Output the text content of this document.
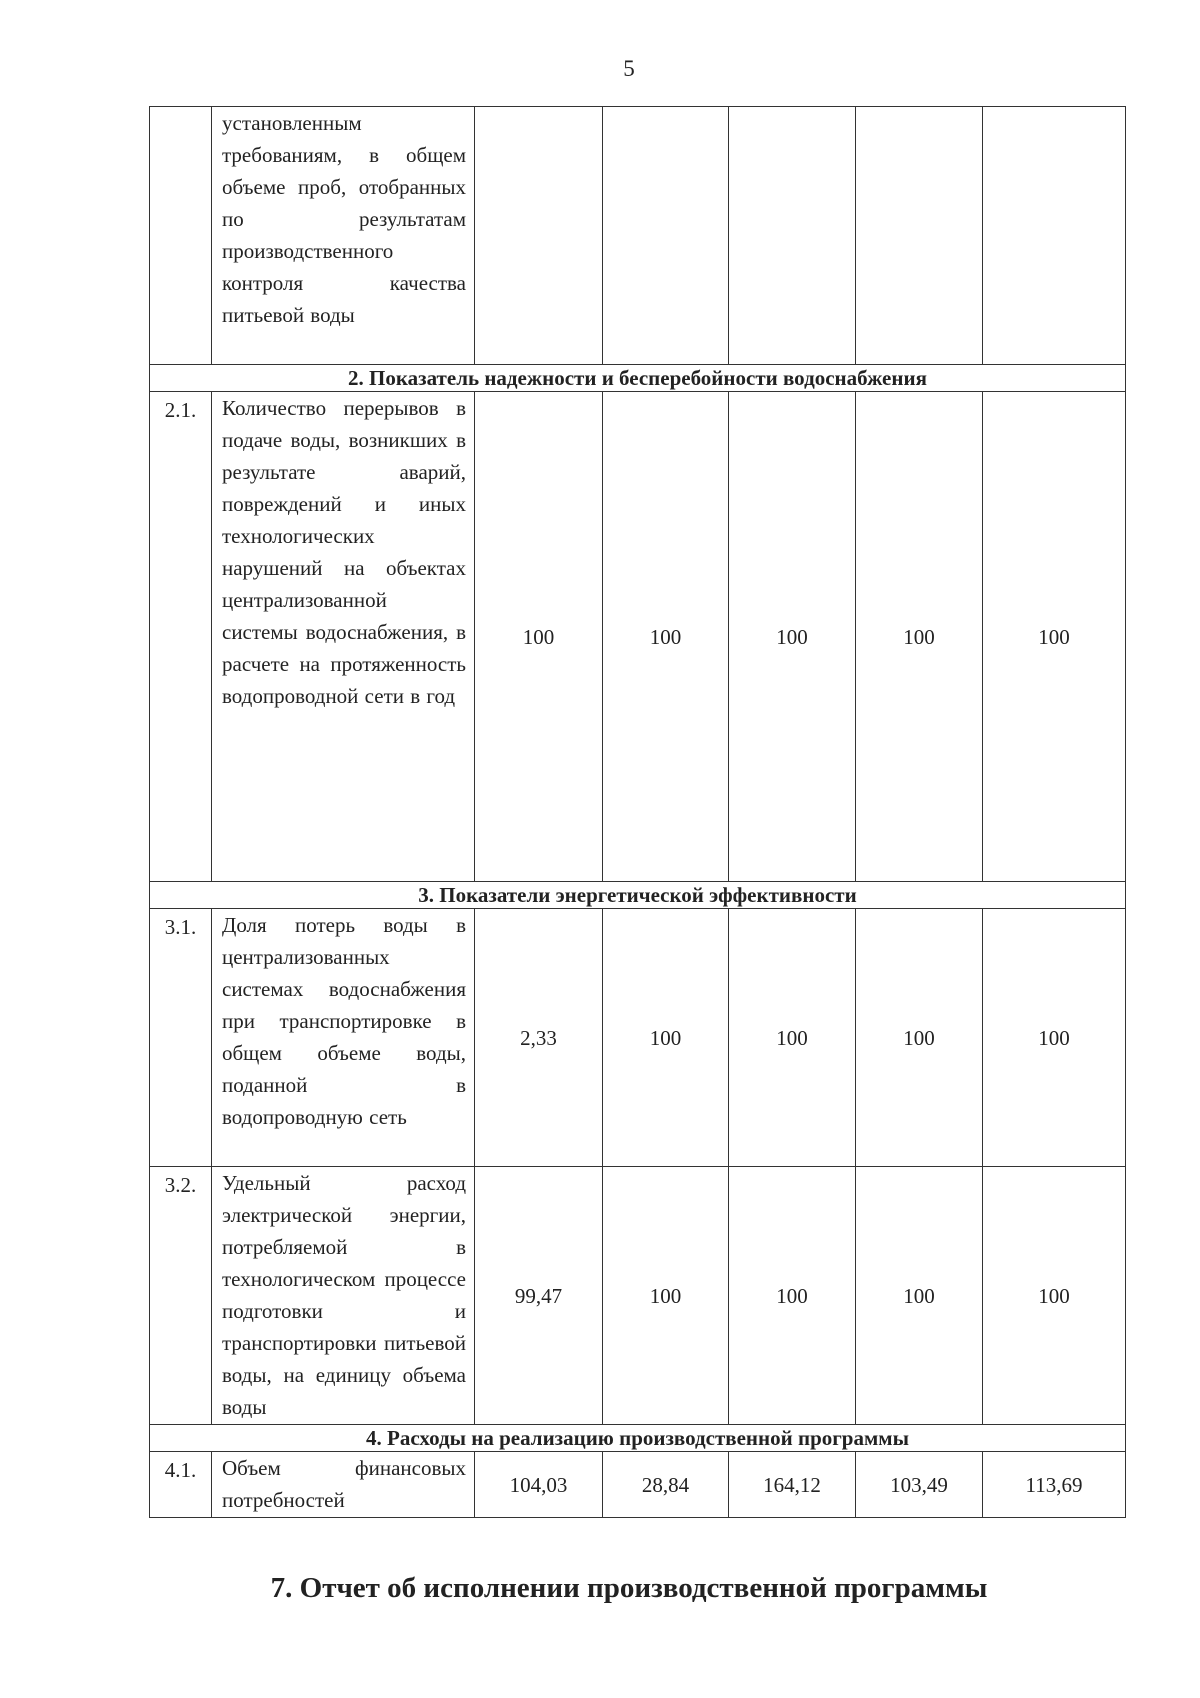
5
	установленным требованиям, в общем объеме проб, отобранных по результатам производственного контроля качества питьевой воды					
2. Показатель надежности и бесперебойности водоснабжения						
2.1.	Количество перерывов в подаче воды, возникших в результате аварий, повреждений и иных технологических нарушений на объектах централизованной системы водоснабжения, в расчете на протяженность водопроводной сети в год	100	100	100	100	100
3. Показатели энергетической эффективности						
3.1.	Доля потерь воды в централизованных системах водоснабжения при транспортировке в общем объеме воды, поданной в водопроводную сеть	2,33	100	100	100	100
3.2.	Удельный расход электрической энергии, потребляемой в технологическом процессе подготовки и транспортировки питьевой воды, на единицу объема воды	99,47	100	100	100	100
4. Расходы на реализацию производственной программы						
4.1.	Объем финансовых потребностей	104,03	28,84	164,12	103,49	113,69
7. Отчет об исполнении производственной программы
